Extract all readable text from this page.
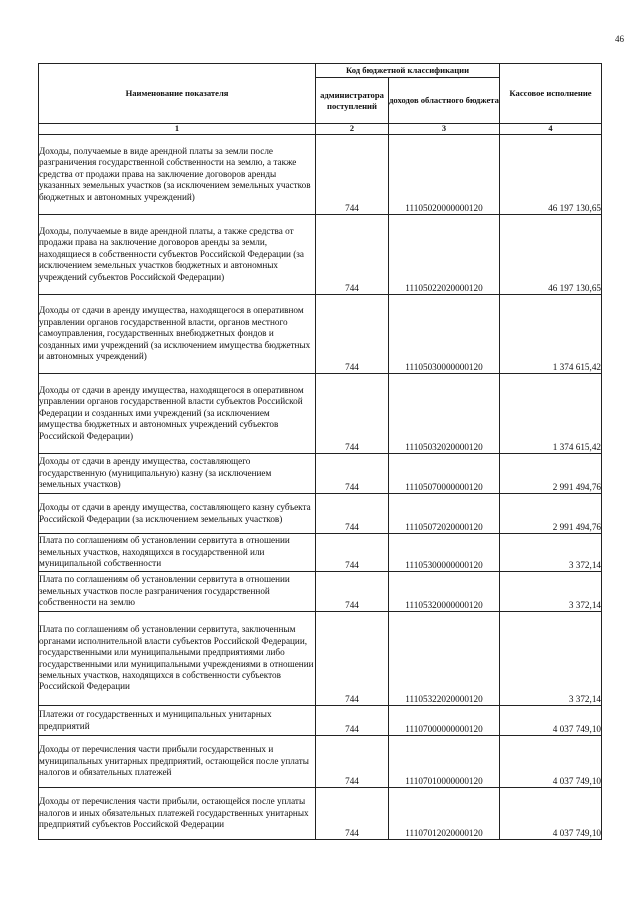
46
Наименование показателя	Код бюджетной классификации		Кассовое исполнение
	администратора поступлений	доходов областного бюджета	
1	2	3	4
Доходы, получаемые в виде арендной платы за земли после разграничения государственной собственности на землю, а также средства от продажи права на заключение договоров аренды указанных земельных участков (за исключением земельных участков бюджетных и автономных учреждений)	744	11105020000000120	46 197 130,65
Доходы, получаемые в виде арендной платы, а также средства от продажи права на заключение договоров аренды за земли, находящиеся в собственности субъектов Российской Федерации (за исключением земельных участков бюджетных и автономных учреждений субъектов Российской Федерации)	744	11105022020000120	46 197 130,65
Доходы от сдачи в аренду имущества, находящегося в оперативном управлении органов государственной власти, органов местного самоуправления, государственных внебюджетных фондов и созданных ими учреждений (за исключением имущества бюджетных и автономных учреждений)	744	11105030000000120	1 374 615,42
Доходы от сдачи в аренду имущества, находящегося в оперативном управлении органов государственной власти субъектов Российской Федерации и созданных ими учреждений (за исключением имущества бюджетных и автономных учреждений субъектов Российской Федерации)	744	11105032020000120	1 374 615,42
Доходы от сдачи в аренду имущества, составляющего государственную (муниципальную) казну (за исключением земельных участков)	744	11105070000000120	2 991 494,76
Доходы от сдачи в аренду имущества, составляющего казну субъекта Российской Федерации (за исключением земельных участков)	744	11105072020000120	2 991 494,76
Плата по соглашениям об установлении сервитута в отношении земельных участков, находящихся в государственной или муниципальной собственности	744	11105300000000120	3 372,14
Плата по соглашениям об установлении сервитута в отношении земельных участков после разграничения государственной собственности на землю	744	11105320000000120	3 372,14
Плата по соглашениям об установлении сервитута, заключенным органами исполнительной власти субъектов Российской Федерации, государственными или муниципальными предприятиями либо государственными или муниципальными учреждениями в отношении земельных участков, находящихся в собственности субъектов Российской Федерации	744	11105322020000120	3 372,14
Платежи от государственных и муниципальных унитарных предприятий	744	11107000000000120	4 037 749,10
Доходы от перечисления части прибыли государственных и муниципальных унитарных предприятий, остающейся после уплаты налогов и обязательных платежей	744	11107010000000120	4 037 749,10
Доходы от перечисления части прибыли, остающейся после уплаты налогов и иных обязательных платежей государственных унитарных предприятий субъектов Российской Федерации	744	11107012020000120	4 037 749,10
